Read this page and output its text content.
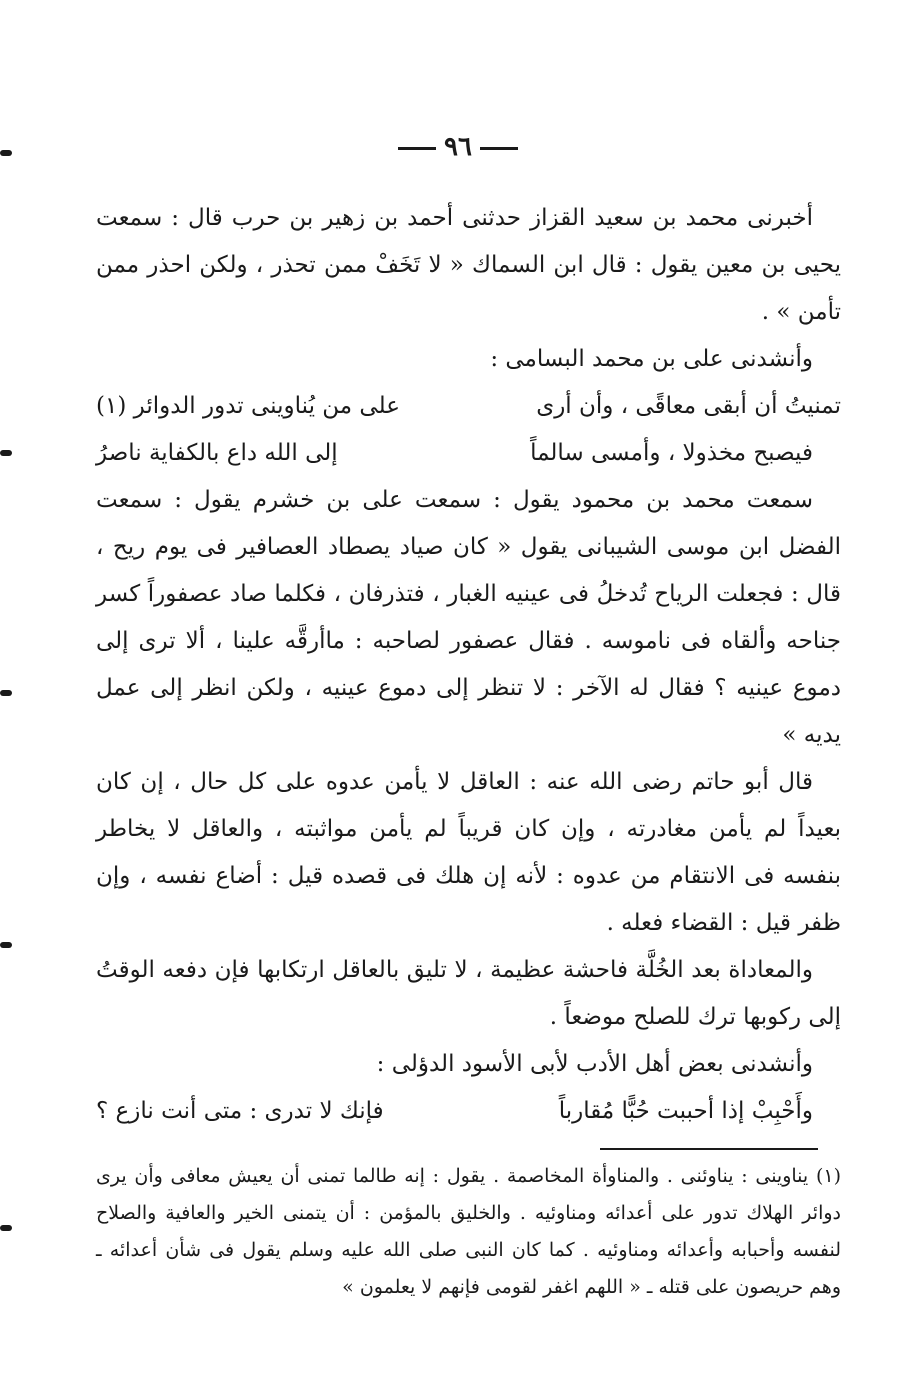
٩٦

أخبرنى محمد بن سعيد القزاز حدثنى أحمد بن زهير بن حرب قال : سمعت يحيى بن معين يقول : قال ابن السماك « لا تَخَفْ ممن تحذر ، ولكن احذر ممن تأمن » .

وأنشدنى على بن محمد البسامى :

تمنيتُ أن أبقى معاقًى ، وأن أرى
على من يُناوينى تدور الدوائر (١)
فيصبح مخذولا ، وأمسى سالماً
إلى الله داع بالكفاية ناصرُ

سمعت محمد بن محمود يقول : سمعت على بن خشرم يقول : سمعت الفضل ابن موسى الشيبانى يقول « كان صياد يصطاد العصافير فى يوم ريح ، قال : فجعلت الرياح تُدخلُ فى عينيه الغبار ، فتذرفان ، فكلما صاد عصفوراً كسر جناحه وألقاه فى ناموسه . فقال عصفور لصاحبه : ماأرقَّه علينا ، ألا ترى إلى دموع عينيه ؟ فقال له الآخر : لا تنظر إلى دموع عينيه ، ولكن انظر إلى عمل يديه »

قال أبو حاتم رضى الله عنه : العاقل لا يأمن عدوه على كل حال ، إن كان بعيداً لم يأمن مغادرته ، وإن كان قريباً لم يأمن مواثبته ، والعاقل لا يخاطر بنفسه فى الانتقام من عدوه : لأنه إن هلك فى قصده قيل : أضاع نفسه ، وإن ظفر قيل : القضاء فعله .

والمعاداة بعد الخُلَّة فاحشة عظيمة ، لا تليق بالعاقل ارتكابها فإن دفعه الوقتُ إلى ركوبها ترك للصلح موضعاً .

وأنشدنى بعض أهل الأدب لأبى الأسود الدؤلى :

وأَحْبِبْ إذا أحببت حُبًّا مُقارباً
فإنك لا تدرى : متى أنت نازع ؟

(١) يناوينى : يناوئنى . والمناوأة المخاصمة . يقول : إنه طالما تمنى أن يعيش معافى وأن يرى دوائر الهلاك تدور على أعدائه ومناوئيه . والخليق بالمؤمن : أن يتمنى الخير والعافية والصلاح لنفسه وأحبابه وأعدائه ومناوئيه . كما كان النبى صلى الله عليه وسلم يقول فى شأن أعدائه ـ وهم حريصون على قتله ـ « اللهم اغفر لقومى فإنهم لا يعلمون »
